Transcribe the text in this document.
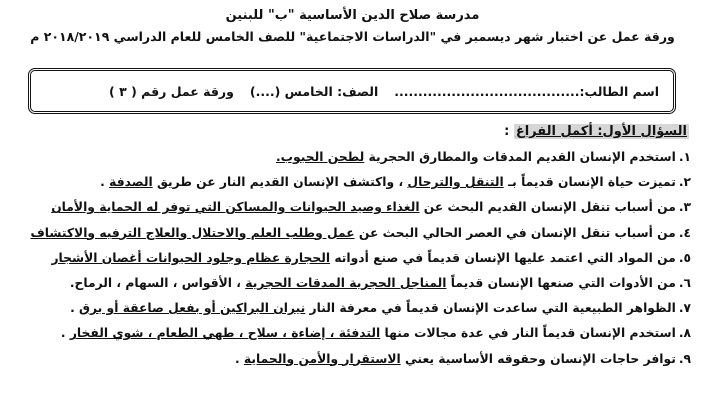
مدرسة صلاح الدين الأساسية "ب" للبنين
ورقة عمل عن اختبار شهر ديسمبر في "الدراسات الاجتماعية" للصف الخامس للعام الدراسي ٢٠١٨/٢٠١٩ م
اسم الطالب:.......................................
الصف: الخامس (....)
ورقة عمل رقم ( ٣ )
السؤال الأول: أكمل الفراغ :
١.استخدم الإنسان القديم المدقات والمطارق الحجرية لطحن الحبوب.
٢.تميزت حياة الإنسان قديماً بـ التنقل والترحال ، واكتشف الإنسان القديم النار عن طريق الصدفة .
٣.من أسباب تنقل الإنسان القديم البحث عن الغذاء وصيد الحيوانات والمساكن التي توفر له الحماية والأمان
٤.من أسباب تنقل الإنسان في العصر الحالي البحث عن عمل وطلب العلم والاحتلال والعلاج الترفيه والاكتشاف
٥.من المواد التي اعتمد عليها الإنسان قديماً في صنع أدواته الحجارة عظام وجلود الحيوانات أغصان الأشجار
٦.من الأدوات التي صنعها الإنسان قديماً المناجل الحجرية المدقات الحجرية ، الأقواس ، السهام ، الرماح.
٧.الظواهر الطبيعية التي ساعدت الإنسان قديماً في معرفة النار نيران البراكين أو بفعل صاعقة أو برق .
٨.استخدم الإنسان قديماً النار في عدة مجالات منها التدفئة ، إضاءة ، سلاح ، طهي الطعام ، شوي الفخار .
٩.توافر حاجات الإنسان وحقوقه الأساسية يعني الاستقرار والأمن والحماية .
